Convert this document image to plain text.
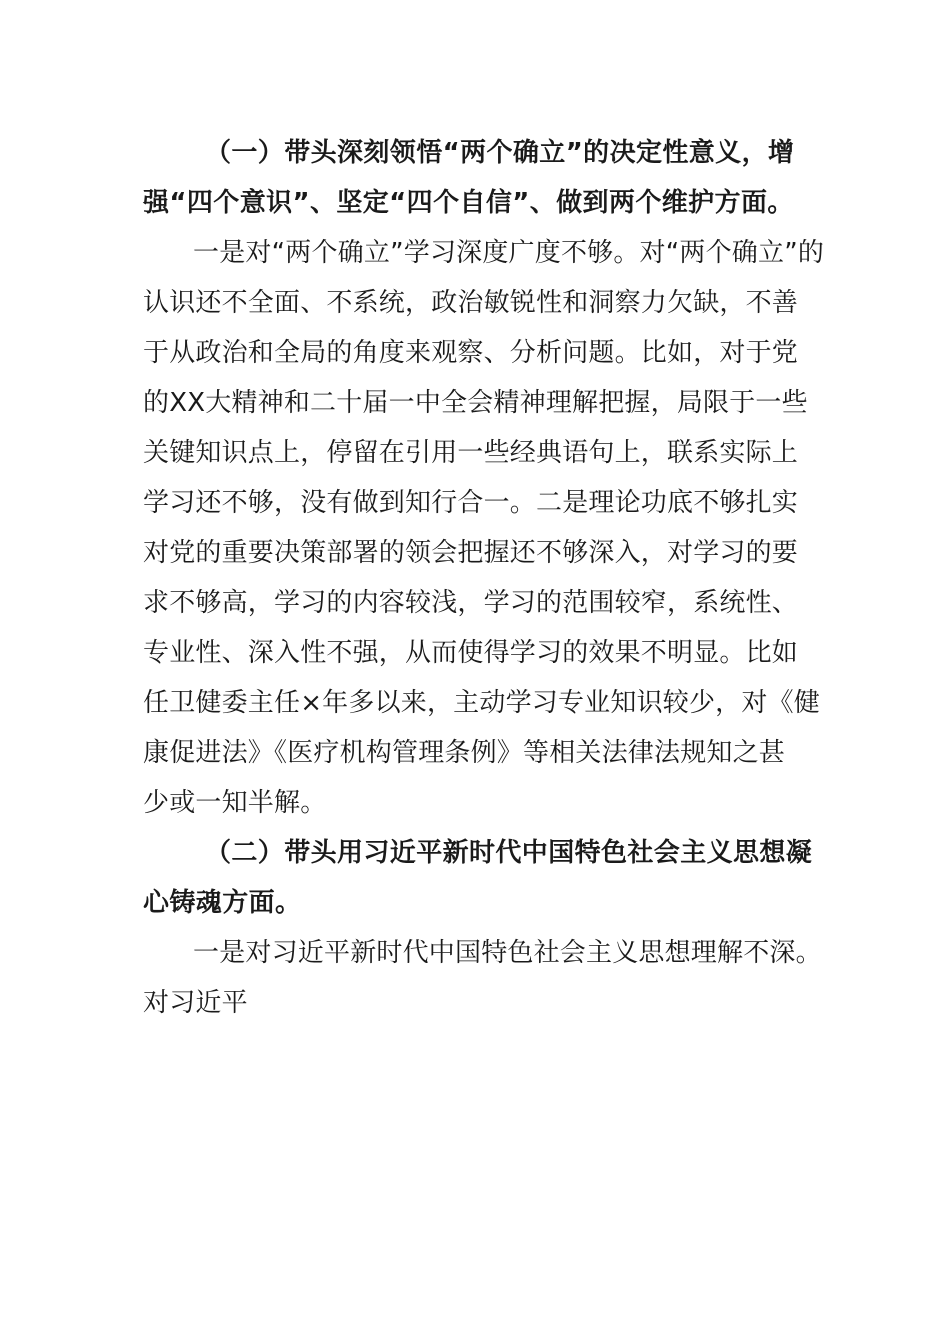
（一）带头深刻领悟“两个确立”的决定性意义，增
强“四个意识”、坚定“四个自信”、做到两个维护方面。
一是对“两个确立”学习深度广度不够。对“两个确立”的
认识还不全面、不系统，政治敏锐性和洞察力欠缺，不善
于从政治和全局的角度来观察、分析问题。比如，对于党
的XX大精神和二十届一中全会精神理解把握，局限于一些
关键知识点上，停留在引用一些经典语句上，联系实际上
学习还不够，没有做到知行合一。二是理论功底不够扎实
对党的重要决策部署的领会把握还不够深入，对学习的要
求不够高，学习的内容较浅，学习的范围较窄，系统性、
专业性、深入性不强，从而使得学习的效果不明显。比如
任卫健委主任×年多以来，主动学习专业知识较少，对《健
康促进法》《医疗机构管理条例》等相关法律法规知之甚
少或一知半解。
（二）带头用习近平新时代中国特色社会主义思想凝
心铸魂方面。
一是对习近平新时代中国特色社会主义思想理解不深。
对习近平
